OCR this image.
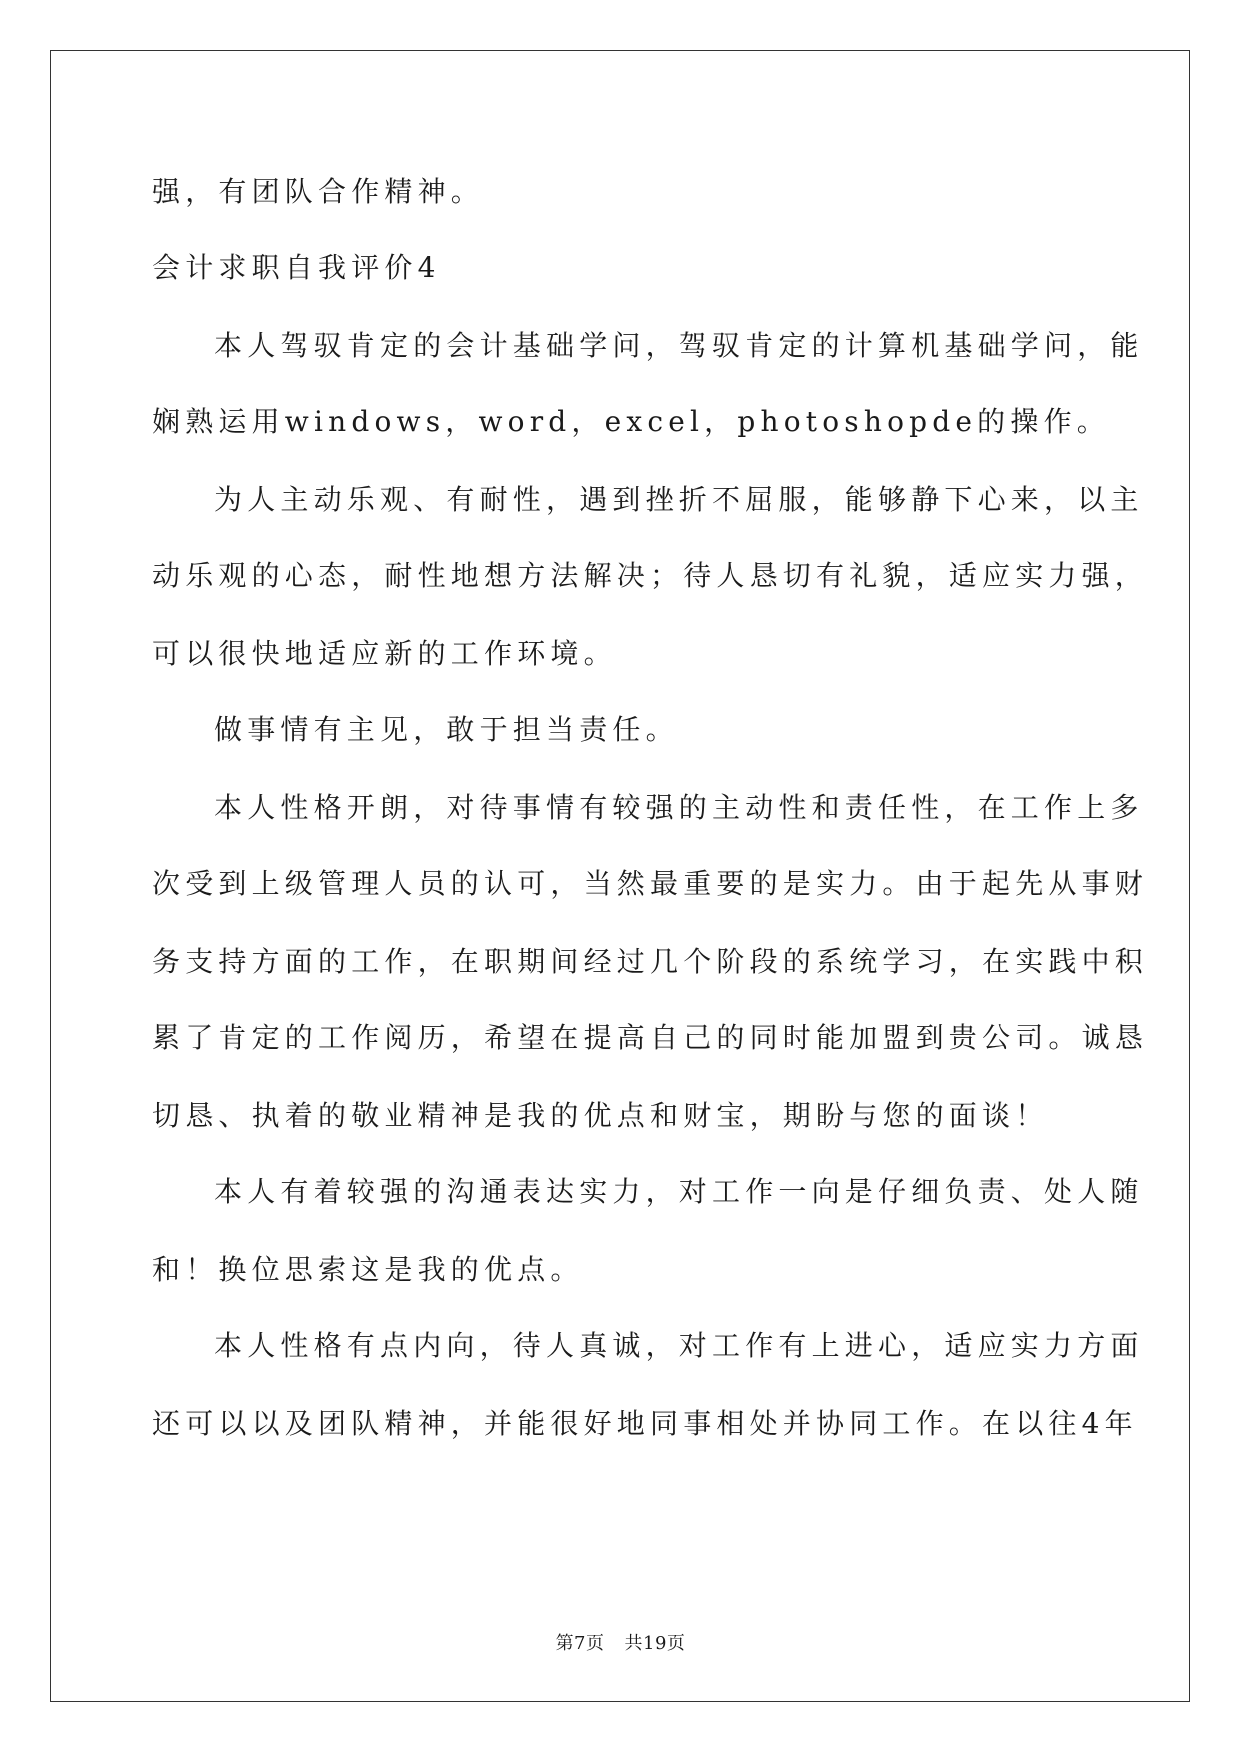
强，有团队合作精神。
会计求职自我评价4
本人驾驭肯定的会计基础学问，驾驭肯定的计算机基础学问，能
娴熟运用windows，word，excel，photoshopde的操作。
为人主动乐观、有耐性，遇到挫折不屈服，能够静下心来，以主
动乐观的心态，耐性地想方法解决；待人恳切有礼貌，适应实力强，
可以很快地适应新的工作环境。
做事情有主见，敢于担当责任。
本人性格开朗，对待事情有较强的主动性和责任性，在工作上多
次受到上级管理人员的认可，当然最重要的是实力。由于起先从事财
务支持方面的工作，在职期间经过几个阶段的系统学习，在实践中积
累了肯定的工作阅历，希望在提高自己的同时能加盟到贵公司。诚恳
切恳、执着的敬业精神是我的优点和财宝，期盼与您的面谈！
本人有着较强的沟通表达实力，对工作一向是仔细负责、处人随
和！换位思索这是我的优点。
本人性格有点内向，待人真诚，对工作有上进心，适应实力方面
还可以以及团队精神，并能很好地同事相处并协同工作。在以往4年
第7页 共19页
